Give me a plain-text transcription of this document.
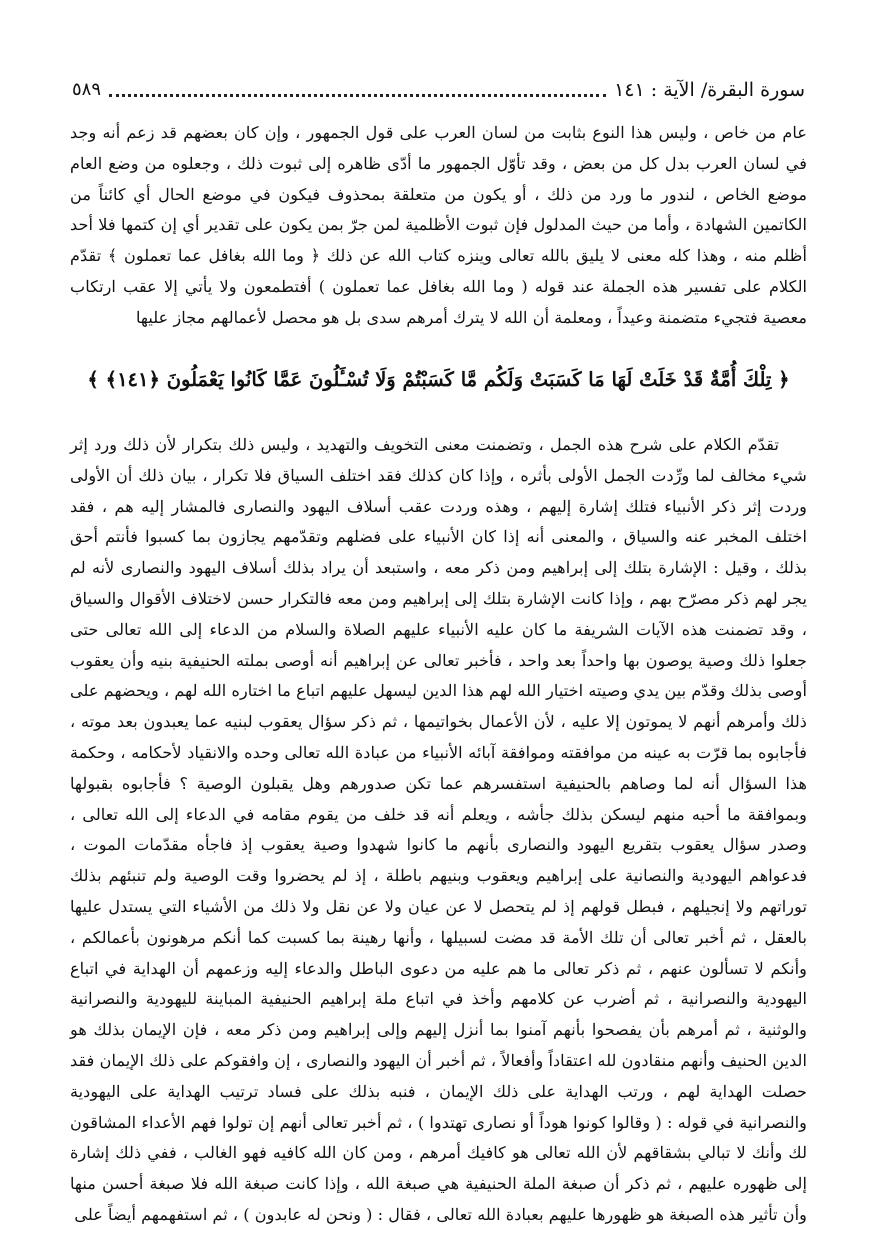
سورة البقرة/ الآية : ١٤١
٥٨٩

عام من خاص ، وليس هذا النوع بثابت من لسان العرب على قول الجمهور ، وإن كان بعضهم قد زعم أنه وجد في لسان العرب بدل كل من بعض ، وقد تأوّل الجمهور ما أدّى ظاهره إلى ثبوت ذلك ، وجعلوه من وضع العام موضع الخاص ، لندور ما ورد من ذلك ، أو يكون من متعلقة بمحذوف فيكون في موضع الحال أي كائناً من الكاتمين الشهادة ، وأما من حيث المدلول فإن ثبوت الأظلمية لمن جرّ بمن يكون على تقدير أي إن كتمها فلا أحد أظلم منه ، وهذا كله معنى لا يليق بالله تعالى وينزه كتاب الله عن ذلك ﴿ وما الله بغافل عما تعملون ﴾ تقدّم الكلام على تفسير هذه الجملة عند قوله ( وما الله بغافل عما تعملون ) أفتطمعون ولا يأتي إلا عقب ارتكاب معصية فتجيء متضمنة وعيداً ، ومعلمة أن الله لا يترك أمرهم سدى بل هو محصل لأعمالهم مجاز عليها

﴿ تِلْكَ أُمَّةٌ قَدْ خَلَتْ لَهَا مَا كَسَبَتْ وَلَكُم مَّا كَسَبْتُمْ وَلَا تُسْـَٔلُونَ عَمَّا كَانُوا يَعْمَلُونَ ﴿١٤١﴾ ﴾

تقدّم الكلام على شرح هذه الجمل ، وتضمنت معنى التخويف والتهديد ، وليس ذلك بتكرار لأن ذلك ورد إثر شيء مخالف لما ورِّدت الجمل الأولى بأثره ، وإذا كان كذلك فقد اختلف السياق فلا تكرار ، بيان ذلك أن الأولى وردت إثر ذكر الأنبياء فتلك إشارة إليهم ، وهذه وردت عقب أسلاف اليهود والنصارى فالمشار إليه هم ، فقد اختلف المخبر عنه والسياق ، والمعنى أنه إذا كان الأنبياء على فضلهم وتقدّمهم يجازون بما كسبوا فأنتم أحق بذلك ، وقيل : الإشارة بتلك إلى إبراهيم ومن ذكر معه ، واستبعد أن يراد بذلك أسلاف اليهود والنصارى لأنه لم يجر لهم ذكر مصرّح بهم ، وإذا كانت الإشارة بتلك إلى إبراهيم ومن معه فالتكرار حسن لاختلاف الأقوال والسياق ، وقد تضمنت هذه الآيات الشريفة ما كان عليه الأنبياء عليهم الصلاة والسلام من الدعاء إلى الله تعالى حتى جعلوا ذلك وصية يوصون بها واحداً بعد واحد ، فأخبر تعالى عن إبراهيم أنه أوصى بملته الحنيفية بنيه وأن يعقوب أوصى بذلك وقدّم بين يدي وصيته اختيار الله لهم هذا الدين ليسهل عليهم اتباع ما اختاره الله لهم ، ويحضهم على ذلك وأمرهم أنهم لا يموتون إلا عليه ، لأن الأعمال بخواتيمها ، ثم ذكر سؤال يعقوب لبنيه عما يعبدون بعد موته ، فأجابوه بما قرّت به عينه من موافقته وموافقة آبائه الأنبياء من عبادة الله تعالى وحده والانقياد لأحكامه ، وحكمة هذا السؤال أنه لما وصاهم بالحنيفية استفسرهم عما تكن صدورهم وهل يقبلون الوصية ؟ فأجابوه بقبولها وبموافقة ما أحبه منهم ليسكن بذلك جأشه ، ويعلم أنه قد خلف من يقوم مقامه في الدعاء إلى الله تعالى ، وصدر سؤال يعقوب بتقريع اليهود والنصارى بأنهم ما كانوا شهدوا وصية يعقوب إذ فاجأه مقدّمات الموت ، فدعواهم اليهودية والنصانية على إبراهيم ويعقوب وبنيهم باطلة ، إذ لم يحضروا وقت الوصية ولم تنبئهم بذلك توراتهم ولا إنجيلهم ، فبطل قولهم إذ لم يتحصل لا عن عيان ولا عن نقل ولا ذلك من الأشياء التي يستدل عليها بالعقل ، ثم أخبر تعالى أن تلك الأمة قد مضت لسبيلها ، وأنها رهينة بما كسبت كما أنكم مرهونون بأعمالكم ، وأنكم لا تسألون عنهم ، ثم ذكر تعالى ما هم عليه من دعوى الباطل والدعاء إليه وزعمهم أن الهداية في اتباع اليهودية والنصرانية ، ثم أضرب عن كلامهم وأخذ في اتباع ملة إبراهيم الحنيفية المباينة لليهودية والنصرانية والوثنية ، ثم أمرهم بأن يفصحوا بأنهم آمنوا بما أنزل إليهم وإلى إبراهيم ومن ذكر معه ، فإن الإيمان بذلك هو الدين الحنيف وأنهم منقادون لله اعتقاداً وأفعالاً ، ثم أخبر أن اليهود والنصارى ، إن وافقوكم على ذلك الإيمان فقد حصلت الهداية لهم ، ورتب الهداية على ذلك الإيمان ، فنبه بذلك على فساد ترتيب الهداية على اليهودية والنصرانية في قوله : ( وقالوا كونوا هوداً أو نصارى تهتدوا ) ، ثم أخبر تعالى أنهم إن تولوا فهم الأعداء المشاقون لك وأنك لا تبالي بشقاقهم لأن الله تعالى هو كافيك أمرهم ، ومن كان الله كافيه فهو الغالب ، ففي ذلك إشارة إلى ظهوره عليهم ، ثم ذكر أن صبغة الملة الحنيفية هي صبغة الله ، وإذا كانت صبغة الله فلا صبغة أحسن منها وأن تأثير هذه الصبغة هو ظهورها عليهم بعبادة الله تعالى ، فقال : ( ونحن له عابدون ) ، ثم استفهمهم أيضاً على
